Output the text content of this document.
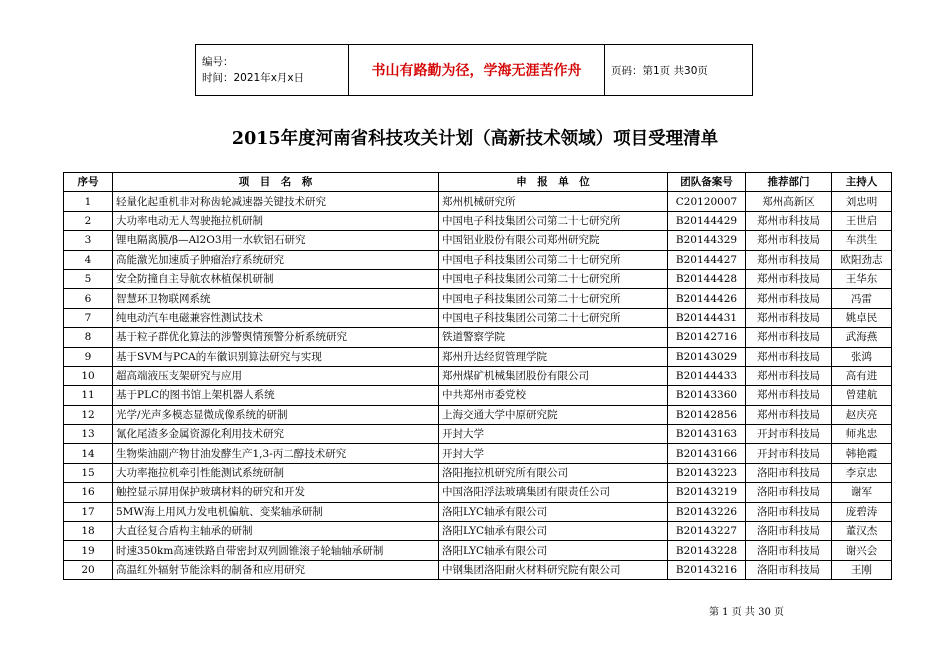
编号：
时间：2021年x月x日	书山有路勤为径，学海无涯苦作舟	页码：第1页 共30页
2015年度河南省科技攻关计划（高新技术领域）项目受理清单
序号	项　目　名　称	申　报　单　位	团队备案号	推荐部门	主持人
1	轻量化起重机非对称齿轮减速器关键技术研究	郑州机械研究所	C20120007	郑州高新区	刘忠明
2	大功率电动无人驾驶拖拉机研制	中国电子科技集团公司第二十七研究所	B20144429	郑州市科技局	王世启
3	锂电隔离膜/β—Al2O3用一水软铝石研究	中国铝业股份有限公司郑州研究院	B20144329	郑州市科技局	车洪生
4	高能激光加速质子肿瘤治疗系统研究	中国电子科技集团公司第二十七研究所	B20144427	郑州市科技局	欧阳劲志
5	安全防撞自主导航农林植保机研制	中国电子科技集团公司第二十七研究所	B20144428	郑州市科技局	王华东
6	智慧环卫物联网系统	中国电子科技集团公司第二十七研究所	B20144426	郑州市科技局	冯雷
7	纯电动汽车电磁兼容性测试技术	中国电子科技集团公司第二十七研究所	B20144431	郑州市科技局	姚卓民
8	基于粒子群优化算法的涉警舆情预警分析系统研究	铁道警察学院	B20142716	郑州市科技局	武海燕
9	基于SVM与PCA的车徽识别算法研究与实现	郑州升达经贸管理学院	B20143029	郑州市科技局	张鸿
10	超高端液压支架研究与应用	郑州煤矿机械集团股份有限公司	B20144433	郑州市科技局	高有进
11	基于PLC的图书馆上架机器人系统	中共郑州市委党校	B20143360	郑州市科技局	曾建航
12	光学/光声多模态显微成像系统的研制	上海交通大学中原研究院	B20142856	郑州市科技局	赵庆亮
13	氰化尾渣多金属资源化利用技术研究	开封大学	B20143163	开封市科技局	师兆忠
14	生物柴油副产物甘油发酵生产1,3-丙二醇技术研究	开封大学	B20143166	开封市科技局	韩艳霞
15	大功率拖拉机牵引性能测试系统研制	洛阳拖拉机研究所有限公司	B20143223	洛阳市科技局	李京忠
16	触控显示屏用保护玻璃材料的研究和开发	中国洛阳浮法玻璃集团有限责任公司	B20143219	洛阳市科技局	谢军
17	5MW海上用风力发电机偏航、变桨轴承研制	洛阳LYC轴承有限公司	B20143226	洛阳市科技局	庞碧涛
18	大直径复合盾构主轴承的研制	洛阳LYC轴承有限公司	B20143227	洛阳市科技局	董汉杰
19	时速350km高速铁路自带密封双列圆锥滚子轮轴轴承研制	洛阳LYC轴承有限公司	B20143228	洛阳市科技局	谢兴会
20	高温红外辐射节能涂料的制备和应用研究	中钢集团洛阳耐火材料研究院有限公司	B20143216	洛阳市科技局	王刚
第 1 页 共 30 页
